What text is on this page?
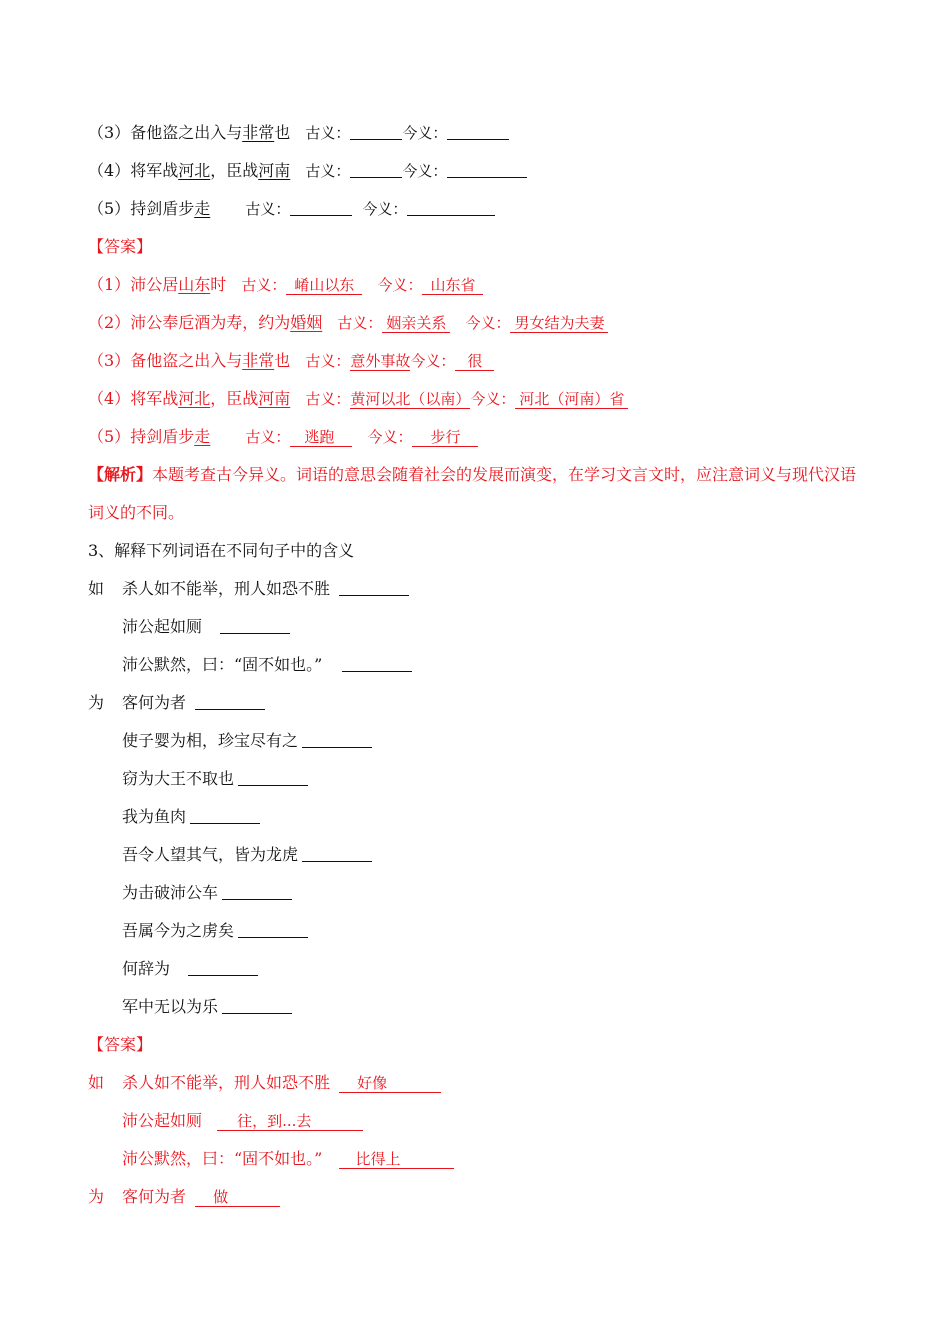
（3）备他盗之出入与非常也 古义：	今义：
（4）将军战河北，臣战河南 古义：	今义：
（5）持剑盾步走 古义：	今义：
【答案】
（1）沛公居山东时 古义： 崤山以东 今义： 山东省
（2）沛公奉卮酒为寿，约为婚姻 古义： 姻亲关系 今义： 男女结为夫妻
（3）备他盗之出入与非常也 古义：意外事故今义： 很
（4）将军战河北，臣战河南 古义：黄河以北（以南）今义： 河北（河南）省
（5）持剑盾步走 古义： 逃跑 今义： 步行
【解析】本题考查古今异义。词语的意思会随着社会的发展而演变，在学习文言文时，应注意词义与现代汉语词义的不同。
3、解释下列词语在不同句子中的含义
如 杀人如不能举，刑人如恐不胜
沛公起如厕
沛公默然，曰：“固不如也。”
为 客何为者
使子婴为相，珍宝尽有之
窃为大王不取也
我为鱼肉
吾令人望其气，皆为龙虎
为击破沛公车
吾属今为之虏矣
何辞为
军中无以为乐
【答案】
如 杀人如不能举，刑人如恐不胜 好像
沛公起如厕 往，到...去
沛公默然，曰：“固不如也。” 比得上
为 客何为者 做
